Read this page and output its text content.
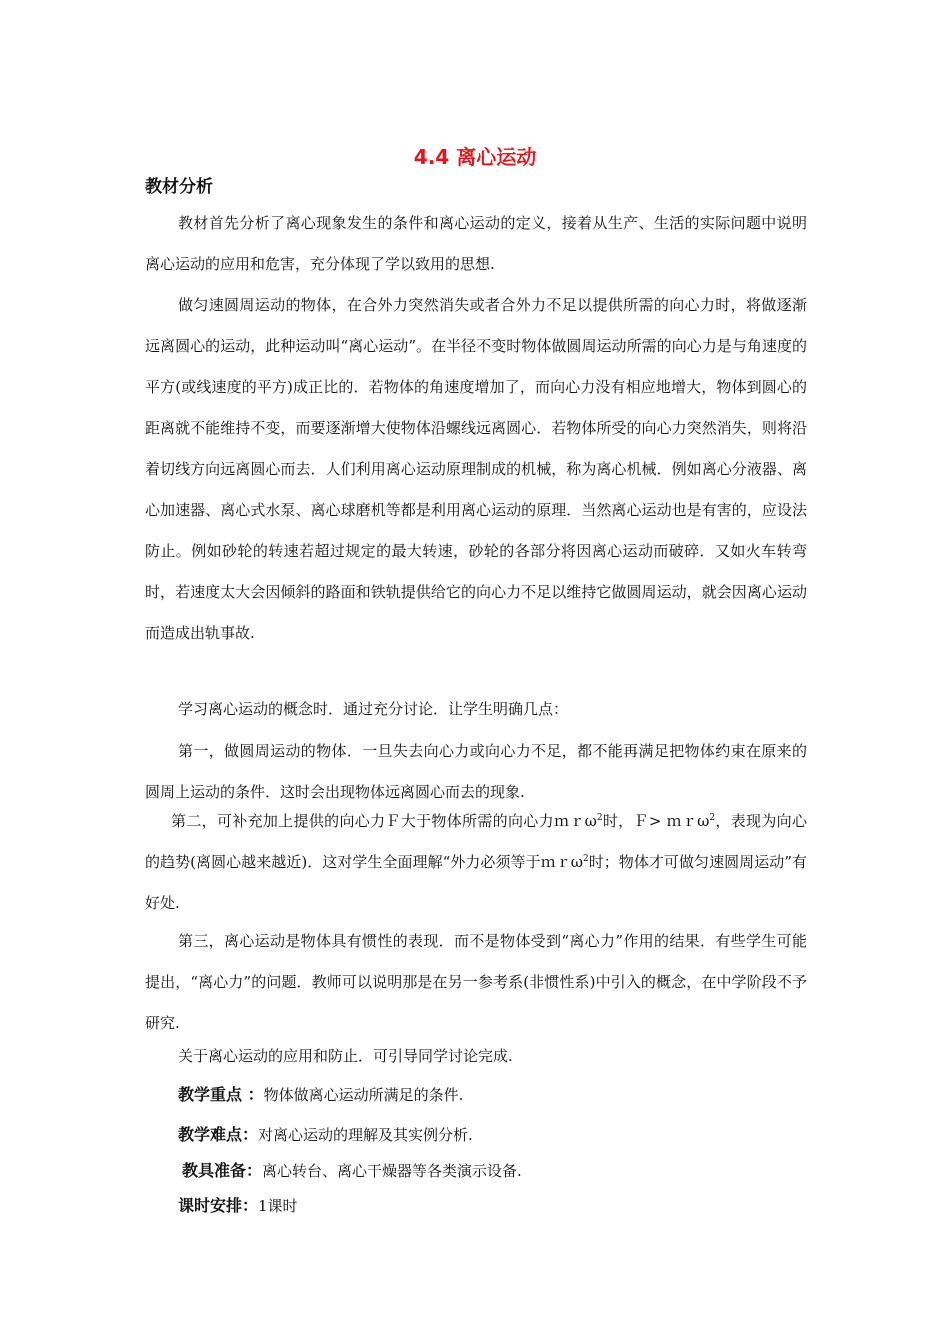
4.4 离心运动
教材分析

教材首先分析了离心现象发生的条件和离心运动的定义，接着从生产、生活的实际问题中说明离心运动的应用和危害，充分体现了学以致用的思想.

做匀速圆周运动的物体，在合外力突然消失或者合外力不足以提供所需的向心力时，将做逐渐远离圆心的运动，此种运动叫“离心运动”。在半径不变时物体做圆周运动所需的向心力是与角速度的平方(或线速度的平方)成正比的．若物体的角速度增加了，而向心力没有相应地增大，物体到圆心的距离就不能维持不变，而要逐渐增大使物体沿螺线远离圆心．若物体所受的向心力突然消失，则将沿着切线方向远离圆心而去．人们利用离心运动原理制成的机械，称为离心机械．例如离心分液器、离心加速器、离心式水泵、离心球磨机等都是利用离心运动的原理．当然离心运动也是有害的，应设法防止。例如砂轮的转速若超过规定的最大转速，砂轮的各部分将因离心运动而破碎．又如火车转弯时，若速度太大会因倾斜的路面和铁轨提供给它的向心力不足以维持它做圆周运动，就会因离心运动而造成出轨事故.

学习离心运动的概念时．通过充分讨论．让学生明确几点：

第一，做圆周运动的物体．一旦失去向心力或向心力不足，都不能再满足把物体约束在原来的圆周上运动的条件．这时会出现物体远离圆心而去的现象.

第二，可补充加上提供的向心力Ｆ大于物体所需的向心力ｍｒω$^2$时，Ｆ> ｍｒω$^2$，表现为向心的趋势(离圆心越来越近)．这对学生全面理解“外力必须等于ｍｒω$^2$时；物体才可做匀速圆周运动”有好处.

第三，离心运动是物体具有惯性的表现．而不是物体受到“离心力”作用的结果．有些学生可能提出，“离心力”的问题．教师可以说明那是在另一参考系(非惯性系)中引入的概念，在中学阶段不予研究.

关于离心运动的应用和防止．可引导同学讨论完成.

教学重点 ：物体做离心运动所满足的条件.
教学难点：对离心运动的理解及其实例分析.
教具准备：离心转台、离心干燥器等各类演示设备.
课时安排：1课时
